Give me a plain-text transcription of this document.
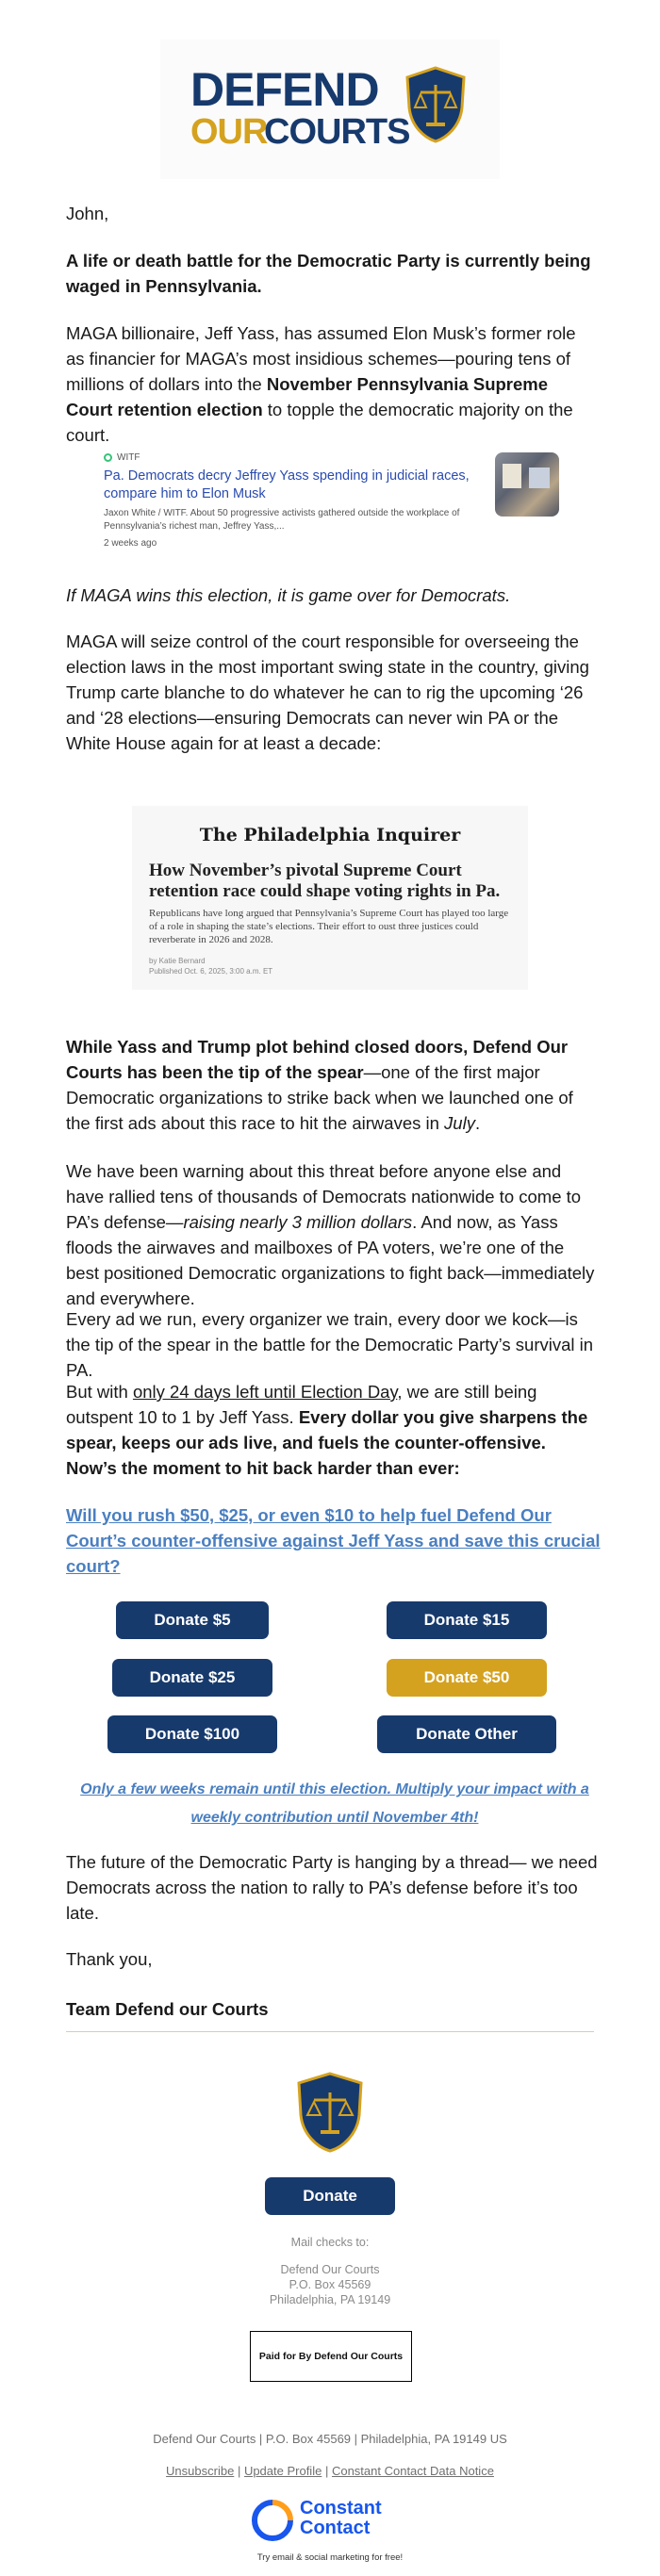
DEFEND
OUR
COURTS
John,
A life or death battle for the Democratic Party is currently being waged in Pennsylvania.
MAGA billionaire, Jeff Yass, has assumed Elon Musk’s former role as financier for MAGA’s most insidious schemes—pouring tens of millions of dollars into the November Pennsylvania Supreme Court retention election to topple the democratic majority on the court.
WITF
Pa. Democrats decry Jeffrey Yass spending in judicial races, compare him to Elon Musk
Jaxon White / WITF. About 50 progressive activists gathered outside the workplace of Pennsylvania’s richest man, Jeffrey Yass,...
2 weeks ago
If MAGA wins this election, it is game over for Democrats.
MAGA will seize control of the court responsible for overseeing the election laws in the most important swing state in the country, giving Trump carte blanche to do whatever he can to rig the upcoming ‘26 and ‘28 elections—ensuring Democrats can never win PA or the White House again for at least a decade:
The Philadelphia Inquirer
How November’s pivotal Supreme Court retention race could shape voting rights in Pa.
Republicans have long argued that Pennsylvania’s Supreme Court has played too large of a role in shaping the state’s elections. Their effort to oust three justices could reverberate in 2026 and 2028.
by Katie Bernard
Published Oct. 6, 2025, 3:00 a.m. ET
While Yass and Trump plot behind closed doors, Defend Our Courts has been the tip of the spear—one of the first major Democratic organizations to strike back when we launched one of the first ads about this race to hit the airwaves in July.
We have been warning about this threat before anyone else and have rallied tens of thousands of Democrats nationwide to come to PA’s defense—raising nearly 3 million dollars. And now, as Yass floods the airwaves and mailboxes of PA voters, we’re one of the best positioned Democratic organizations to fight back—immediately and everywhere.
Every ad we run, every organizer we train, every door we kock—is the tip of the spear in the battle for the Democratic Party’s survival in PA.
But with only 24 days left until Election Day, we are still being outspent 10 to 1 by Jeff Yass. Every dollar you give sharpens the spear, keeps our ads live, and fuels the counter-offensive. Now’s the moment to hit back harder than ever:
Will you rush $50, $25, or even $10 to help fuel Defend Our Court’s counter-offensive against Jeff Yass and save this crucial court?
Donate $5	Donate $15
Donate $25	Donate $50
Donate $100	Donate Other
Only a few weeks remain until this election. Multiply your impact with a weekly contribution until November 4th!
The future of the Democratic Party is hanging by a thread— we need Democrats across the nation to rally to PA’s defense before it’s too late.
Thank you,
Team Defend our Courts
Donate
Mail checks to:
Defend Our Courts
P.O. Box 45569
Philadelphia, PA 19149
Paid for By Defend Our Courts
Defend Our Courts | P.O. Box 45569 | Philadelphia, PA 19149 US
Unsubscribe | Update Profile | Constant Contact Data Notice
Constant
Contact
Try email & social marketing for free!
